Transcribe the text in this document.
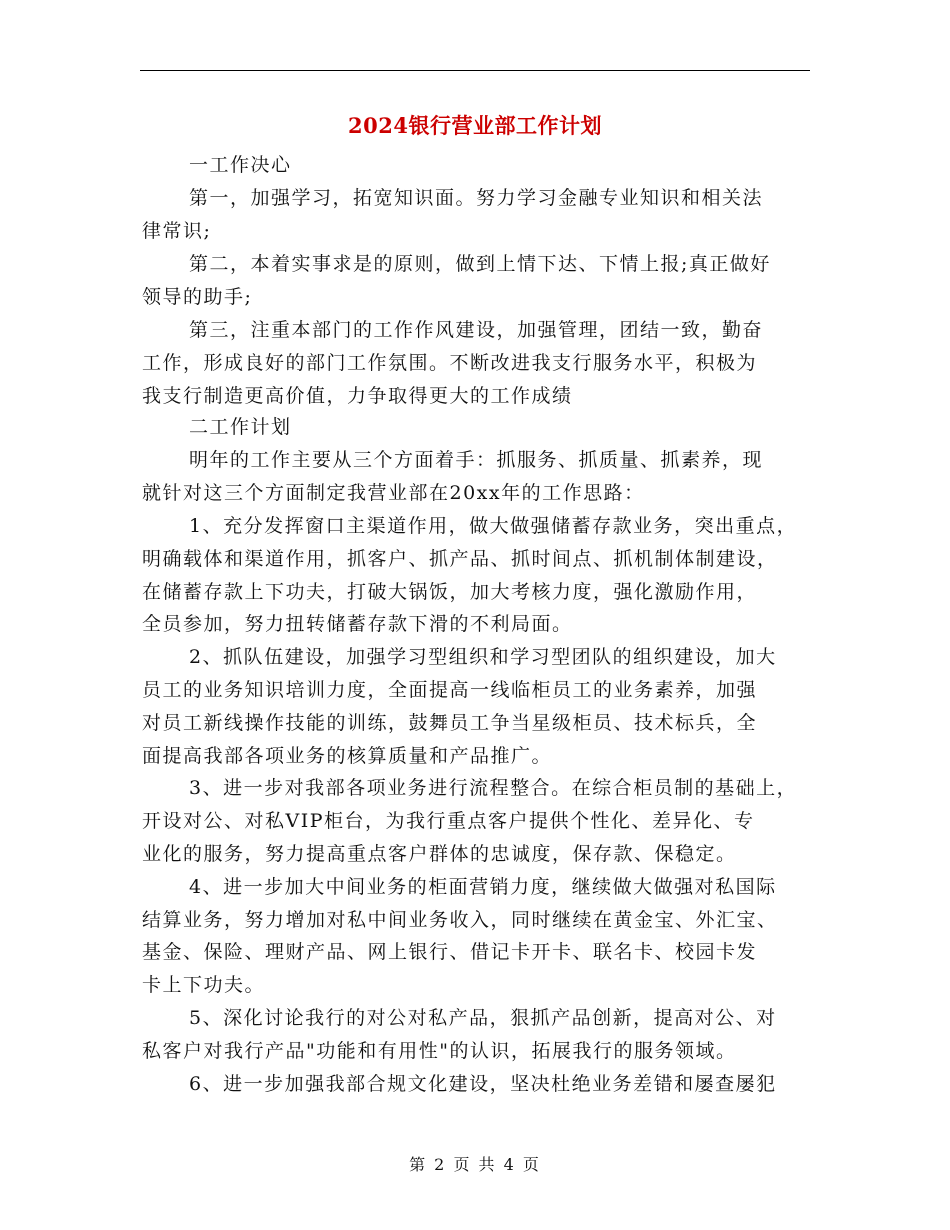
2024银行营业部工作计划
一工作决心
第一，加强学习，拓宽知识面。努力学习金融专业知识和相关法
律常识;
第二，本着实事求是的原则，做到上情下达、下情上报;真正做好
领导的助手;
第三，注重本部门的工作作风建设，加强管理，团结一致，勤奋
工作，形成良好的部门工作氛围。不断改进我支行服务水平，积极为
我支行制造更高价值，力争取得更大的工作成绩
二工作计划
明年的工作主要从三个方面着手：抓服务、抓质量、抓素养，现
就针对这三个方面制定我营业部在20xx年的工作思路：
1、充分发挥窗口主渠道作用，做大做强储蓄存款业务，突出重点，
明确载体和渠道作用，抓客户、抓产品、抓时间点、抓机制体制建设，
在储蓄存款上下功夫，打破大锅饭，加大考核力度，强化激励作用，
全员参加，努力扭转储蓄存款下滑的不利局面。
2、抓队伍建设，加强学习型组织和学习型团队的组织建设，加大
员工的业务知识培训力度，全面提高一线临柜员工的业务素养，加强
对员工新线操作技能的训练，鼓舞员工争当星级柜员、技术标兵，全
面提高我部各项业务的核算质量和产品推广。
3、进一步对我部各项业务进行流程整合。在综合柜员制的基础上，
开设对公、对私VIP柜台，为我行重点客户提供个性化、差异化、专
业化的服务，努力提高重点客户群体的忠诚度，保存款、保稳定。
4、进一步加大中间业务的柜面营销力度，继续做大做强对私国际
结算业务，努力增加对私中间业务收入，同时继续在黄金宝、外汇宝、
基金、保险、理财产品、网上银行、借记卡开卡、联名卡、校园卡发
卡上下功夫。
5、深化讨论我行的对公对私产品，狠抓产品创新，提高对公、对
私客户对我行产品"功能和有用性"的认识，拓展我行的服务领域。
6、进一步加强我部合规文化建设，坚决杜绝业务差错和屡查屡犯
第 2 页 共 4 页
